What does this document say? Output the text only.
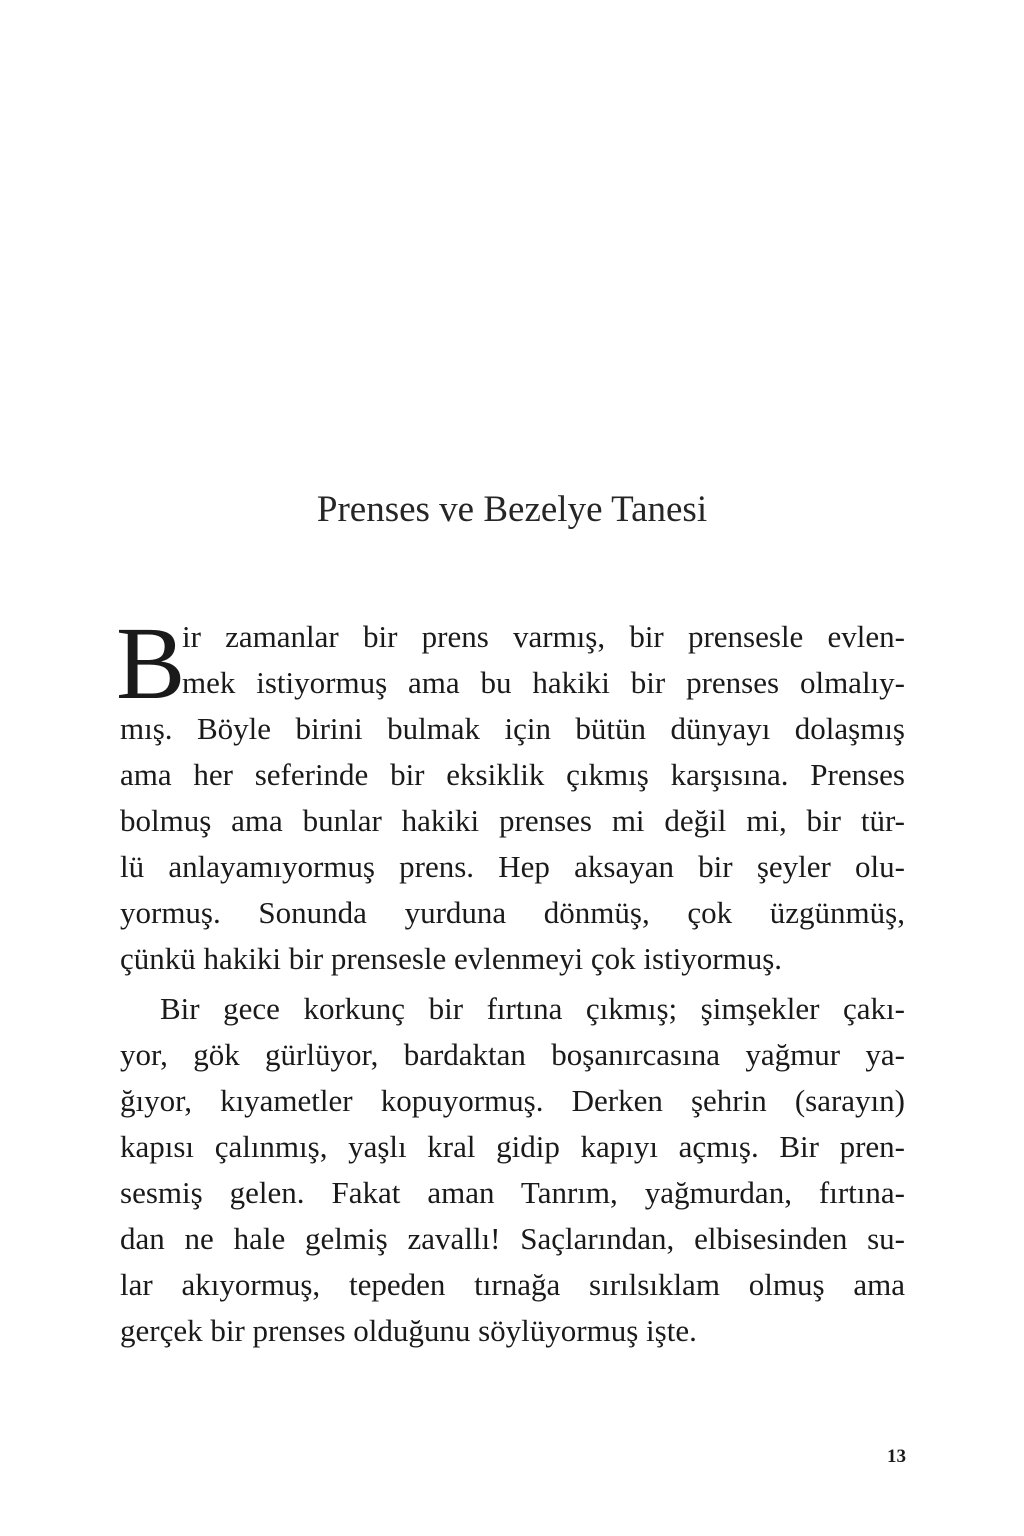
Prenses ve Bezelye Tanesi
B
ir zamanlar bir prens varmış, bir prensesle evlen-
mek istiyormuş ama bu hakiki bir prenses olmalıy-
mış. Böyle birini bulmak için bütün dünyayı dolaşmış
ama her seferinde bir eksiklik çıkmış karşısına. Prenses
bolmuş ama bunlar hakiki prenses mi değil mi, bir tür-
lü anlayamıyormuş prens. Hep aksayan bir şeyler olu-
yormuş. Sonunda yurduna dönmüş, çok üzgünmüş,
çünkü hakiki bir prensesle evlenmeyi çok istiyormuş.
Bir gece korkunç bir fırtına çıkmış; şimşekler çakı-
yor, gök gürlüyor, bardaktan boşanırcasına yağmur ya-
ğıyor, kıyametler kopuyormuş. Derken şehrin (sarayın)
kapısı çalınmış, yaşlı kral gidip kapıyı açmış. Bir pren-
sesmiş gelen. Fakat aman Tanrım, yağmurdan, fırtına-
dan ne hale gelmiş zavallı! Saçlarından, elbisesinden su-
lar akıyormuş, tepeden tırnağa sırılsıklam olmuş ama
gerçek bir prenses olduğunu söylüyormuş işte.
13
